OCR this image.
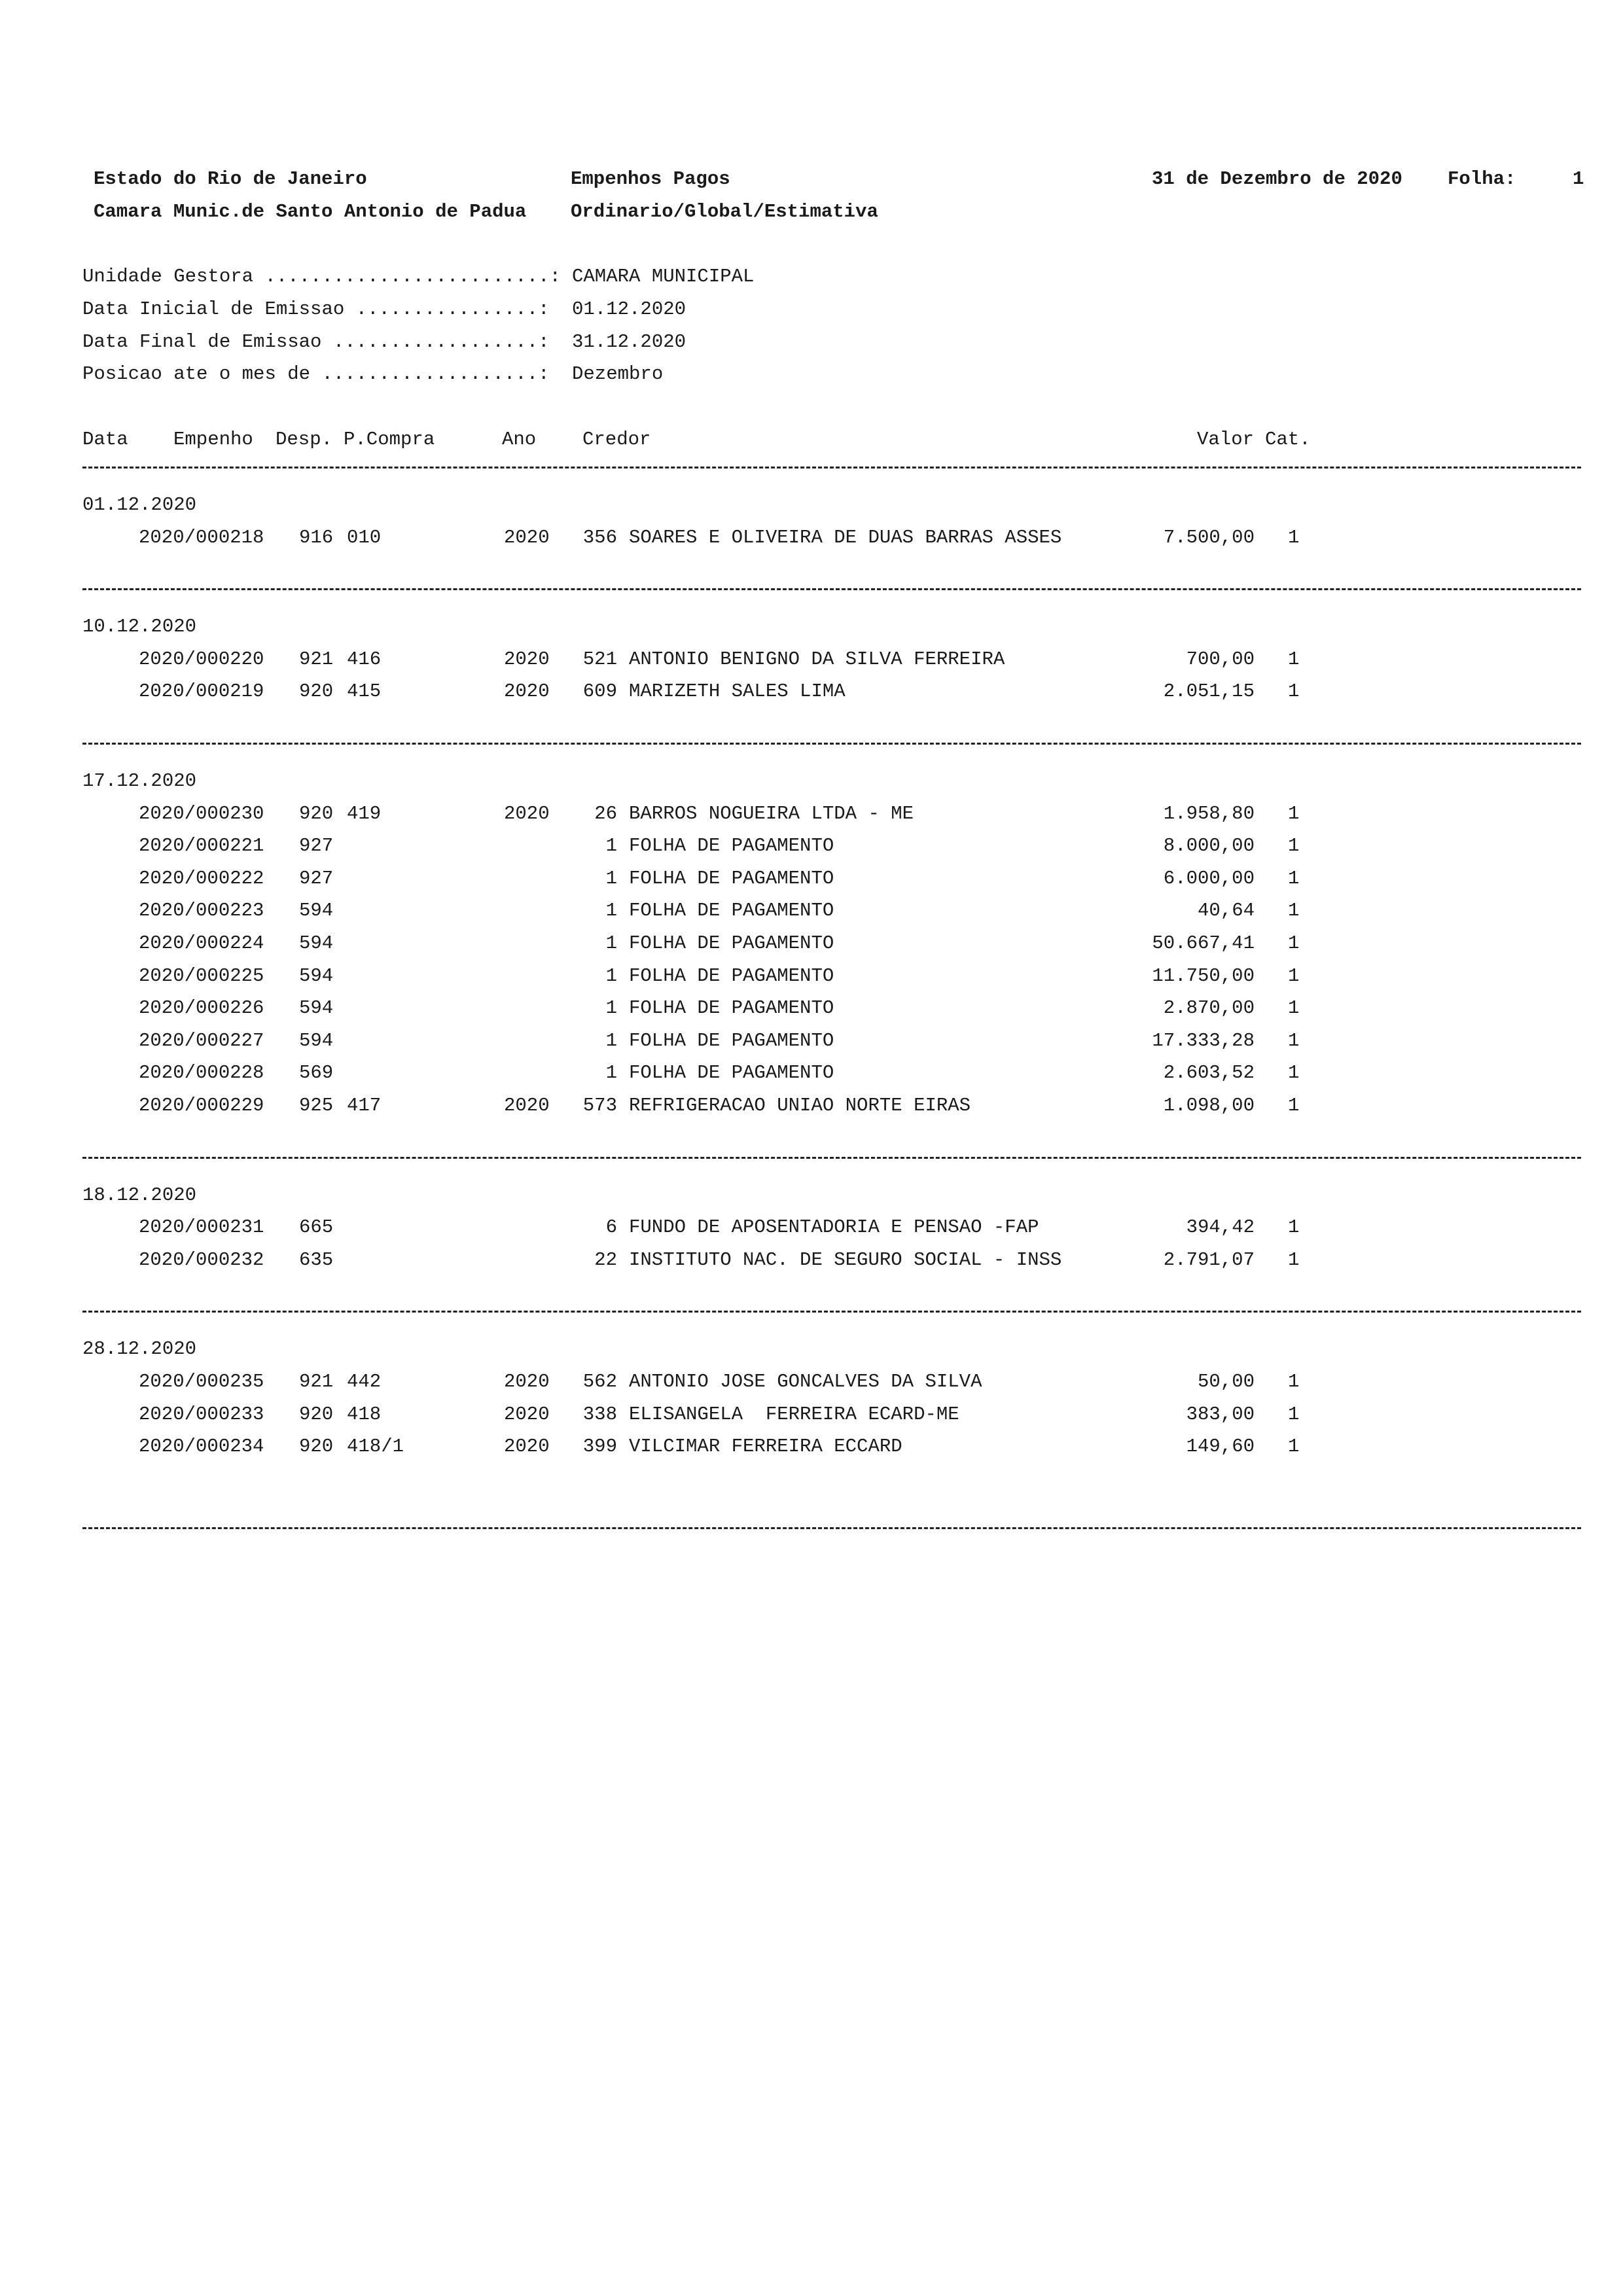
Estado do Rio de Janeiro
Camara Munic.de Santo Antonio de Padua
Empenhos Pagos
Ordinario/Global/Estimativa
31 de Dezembro de 2020 Folha:	1
Unidade Gestora .........................: CAMARA MUNICIPAL
Data Inicial de Emissao ................: 01.12.2020
Data Final de Emissao ..................: 31.12.2020
Posicao ate o mes de ...................: Dezembro
Data Empenho Desp. P.Compra	Ano Credor	Valor Cat.
01.12.2020
2020/000218 916 010	2020	356 SOARES E OLIVEIRA DE DUAS BARRAS ASSES	7.500,00 1
10.12.2020
2020/000220 921 416	2020	521 ANTONIO BENIGNO DA SILVA FERREIRA	700,00 1
2020/000219 920 415	2020	609 MARIZETH SALES LIMA	2.051,15 1
17.12.2020
2020/000230 920 419	2020	26 BARROS NOGUEIRA LTDA - ME	1.958,80 1
2020/000221 927	1 FOLHA DE PAGAMENTO	8.000,00 1
2020/000222 927	1 FOLHA DE PAGAMENTO	6.000,00 1
2020/000223 594	1 FOLHA DE PAGAMENTO	40,64 1
2020/000224 594	1 FOLHA DE PAGAMENTO	50.667,41 1
2020/000225 594	1 FOLHA DE PAGAMENTO	11.750,00 1
2020/000226 594	1 FOLHA DE PAGAMENTO	2.870,00 1
2020/000227 594	1 FOLHA DE PAGAMENTO	17.333,28 1
2020/000228 569	1 FOLHA DE PAGAMENTO	2.603,52 1
2020/000229 925 417	2020	573 REFRIGERACAO UNIAO NORTE EIRAS	1.098,00 1
18.12.2020
2020/000231 665	6 FUNDO DE APOSENTADORIA E PENSAO -FAP	394,42 1
2020/000232 635	22 INSTITUTO NAC. DE SEGURO SOCIAL - INSS	2.791,07 1
28.12.2020
2020/000235 921 442	2020	562 ANTONIO JOSE GONCALVES DA SILVA	50,00 1
2020/000233 920 418	2020	338 ELISANGELA  FERREIRA ECARD-ME	383,00 1
2020/000234 920 418/1	2020	399 VILCIMAR FERREIRA ECCARD	149,60 1
